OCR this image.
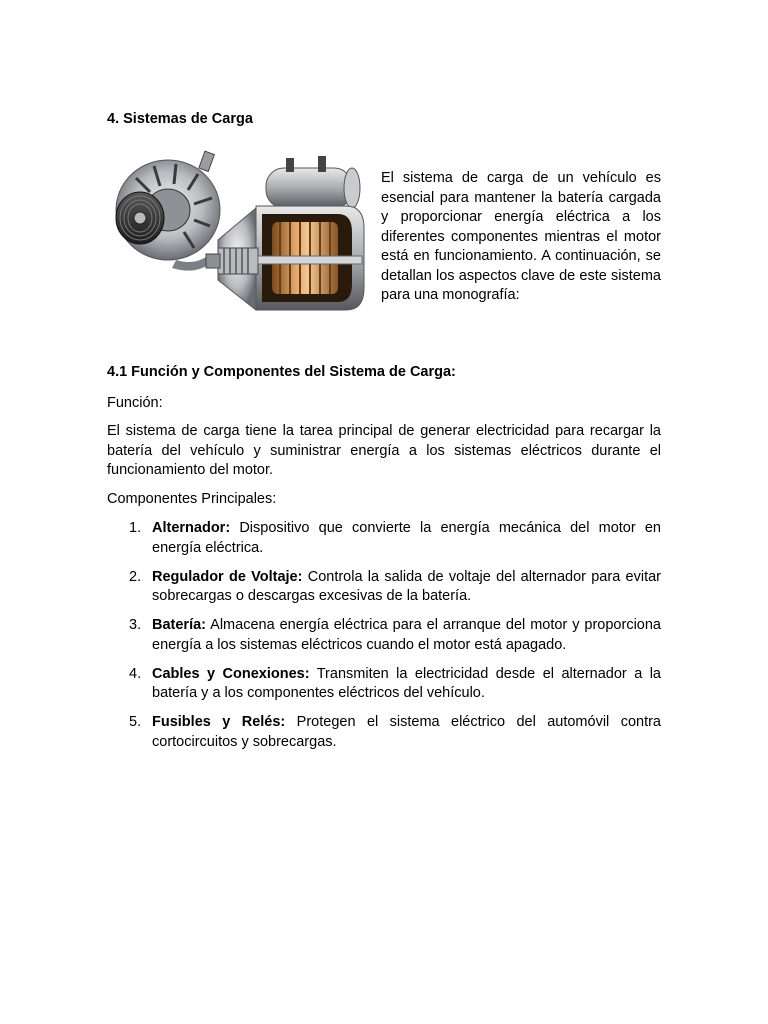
4. Sistemas de Carga

El sistema de carga de un vehículo es esencial para mantener la batería cargada y proporcionar energía eléctrica a los diferentes componentes mientras el motor está en funcionamiento. A continuación, se detallan los aspectos clave de este sistema para una monografía:

4.1 Función y Componentes del Sistema de Carga:

Función:

El sistema de carga tiene la tarea principal de generar electricidad para recargar la batería del vehículo y suministrar energía a los sistemas eléctricos durante el funcionamiento del motor.

Componentes Principales:

1. Alternador: Dispositivo que convierte la energía mecánica del motor en energía eléctrica.
2. Regulador de Voltaje: Controla la salida de voltaje del alternador para evitar sobrecargas o descargas excesivas de la batería.
3. Batería: Almacena energía eléctrica para el arranque del motor y proporciona energía a los sistemas eléctricos cuando el motor está apagado.
4. Cables y Conexiones: Transmiten la electricidad desde el alternador a la batería y a los componentes eléctricos del vehículo.
5. Fusibles y Relés: Protegen el sistema eléctrico del automóvil contra cortocircuitos y sobrecargas.
